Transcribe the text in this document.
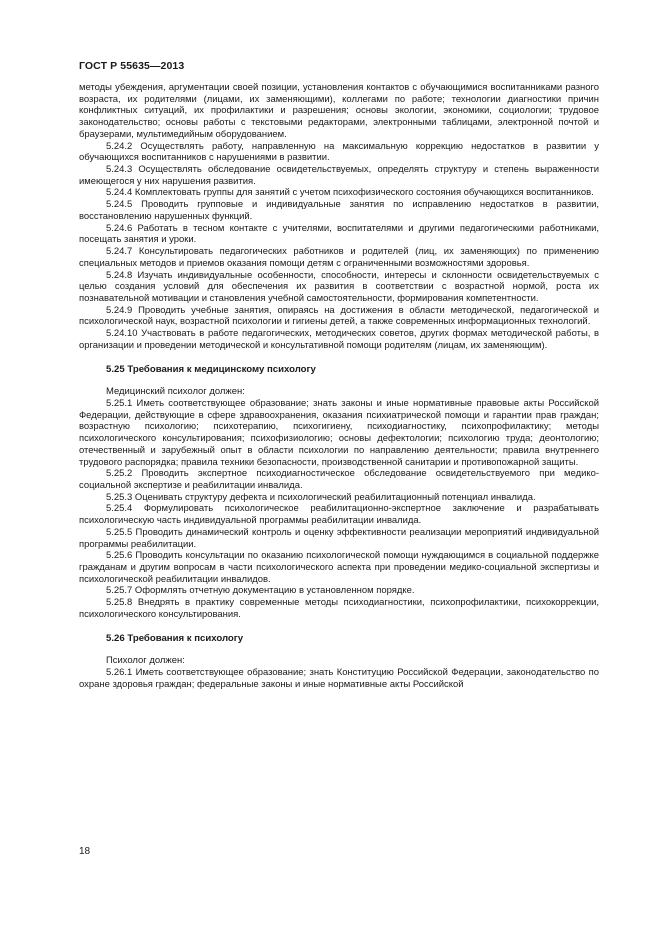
ГОСТ Р 55635—2013

методы убеждения, аргументации своей позиции, установления контактов с обучающимися воспитанниками разного возраста, их родителями (лицами, их заменяющими), коллегами по работе; технологии диагностики причин конфликтных ситуаций, их профилактики и разрешения; основы экологии, экономики, социологии; трудовое законодательство; основы работы с текстовыми редакторами, электронными таблицами, электронной почтой и браузерами, мультимедийным оборудованием.

5.24.2 Осуществлять работу, направленную на максимальную коррекцию недостатков в развитии у обучающихся воспитанников с нарушениями в развитии.

5.24.3 Осуществлять обследование освидетельствуемых, определять структуру и степень выраженности имеющегося у них нарушения развития.

5.24.4 Комплектовать группы для занятий с учетом психофизического состояния обучающихся воспитанников.

5.24.5 Проводить групповые и индивидуальные занятия по исправлению недостатков в развитии, восстановлению нарушенных функций.

5.24.6 Работать в тесном контакте с учителями, воспитателями и другими педагогическими работниками, посещать занятия и уроки.

5.24.7 Консультировать педагогических работников и родителей (лиц, их заменяющих) по применению специальных методов и приемов оказания помощи детям с ограниченными возможностями здоровья.

5.24.8 Изучать индивидуальные особенности, способности, интересы и склонности освидетельствуемых с целью создания условий для обеспечения их развития в соответствии с возрастной нормой, роста их познавательной мотивации и становления учебной самостоятельности, формирования компетентности.

5.24.9 Проводить учебные занятия, опираясь на достижения в области методической, педагогической и психологической наук, возрастной психологии и гигиены детей, а также современных информационных технологий.

5.24.10 Участвовать в работе педагогических, методических советов, других формах методической работы, в организации и проведении методической и консультативной помощи родителям (лицам, их заменяющим).

5.25 Требования к медицинскому психологу

Медицинский психолог должен:

5.25.1 Иметь соответствующее образование; знать законы и иные нормативные правовые акты Российской Федерации, действующие в сфере здравоохранения, оказания психиатрической помощи и гарантии прав граждан; возрастную психологию; психотерапию, психогигиену, психодиагностику, психопрофилактику; методы психологического консультирования; психофизиологию; основы дефектологии; психологию труда; деонтологию; отечественный и зарубежный опыт в области психологии по направлению деятельности; правила внутреннего трудового распорядка; правила техники безопасности, производственной санитарии и противопожарной защиты.

5.25.2 Проводить экспертное психодиагностическое обследование освидетельствуемого при медико-социальной экспертизе и реабилитации инвалида.

5.25.3 Оценивать структуру дефекта и психологический реабилитационный потенциал инвалида.

5.25.4 Формулировать психологическое реабилитационно-экспертное заключение и разрабатывать психологическую часть индивидуальной программы реабилитации инвалида.

5.25.5 Проводить динамический контроль и оценку эффективности реализации мероприятий индивидуальной программы реабилитации.

5.25.6 Проводить консультации по оказанию психологической помощи нуждающимся в социальной поддержке гражданам и другим вопросам в части психологического аспекта при проведении медико-социальной экспертизы и психологической реабилитации инвалидов.

5.25.7 Оформлять отчетную документацию в установленном порядке.

5.25.8 Внедрять в практику современные методы психодиагностики, психопрофилактики, психокоррекции, психологического консультирования.

5.26 Требования к психологу

Психолог должен:

5.26.1 Иметь соответствующее образование; знать Конституцию Российской Федерации, законодательство по охране здоровья граждан; федеральные законы и иные нормативные акты Российской

18
